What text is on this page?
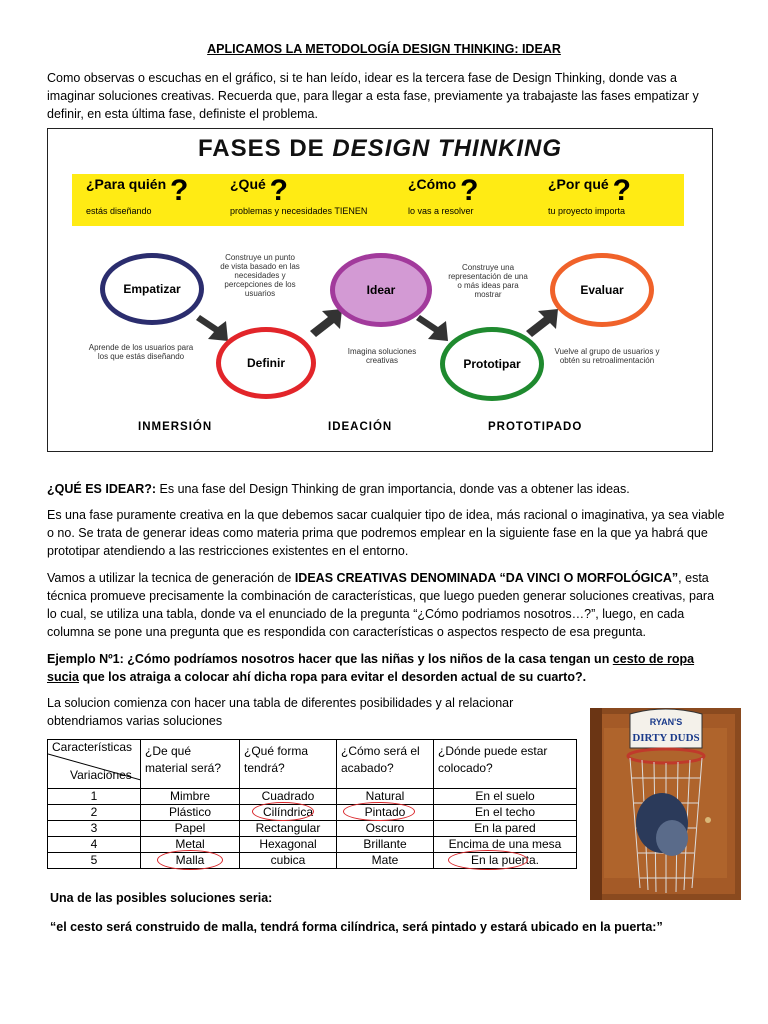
APLICAMOS LA METODOLOGÍA DESIGN THINKING: IDEAR
Como observas o escuchas en el gráfico, si te han leído, idear es la tercera fase de Design Thinking, donde vas a imaginar soluciones creativas. Recuerda que, para llegar a esta fase, previamente ya trabajaste las fases empatizar y definir, en esta última fase, definiste el problema.
FASES DE DESIGN THINKING
¿Para quién ?
estás diseñando
¿Qué ?
problemas y necesidades TIENEN
¿Cómo ?
lo vas a resolver
¿Por qué ?
tu proyecto importa
Empatizar
Definir
Idear
Prototipar
Evaluar
Aprende de los usuarios para los que estás diseñando
Construye un punto de vista basado en las necesidades y percepciones de los usuarios
Imagina soluciones creativas
Construye una representación de una o más ideas para mostrar
Vuelve al grupo de usuarios y obtén su retroalimentación
INMERSIÓN	IDEACIÓN	PROTOTIPADO
¿QUÉ ES IDEAR?: Es una fase del Design Thinking de gran importancia, donde vas a obtener las ideas.
Es una fase puramente creativa en la que debemos sacar cualquier tipo de idea, más racional o imaginativa, ya sea viable o no. Se trata de generar ideas como materia prima que podremos emplear en la siguiente fase en la que ya habrá que prototipar atendiendo a las restricciones existentes en el entorno.
Vamos a utilizar la tecnica de generación de IDEAS CREATIVAS DENOMINADA “DA VINCI O MORFOLÓGICA”, esta técnica promueve precisamente la combinación de características, que luego pueden generar soluciones creativas, para lo cual, se utiliza una tabla, donde va el enunciado de la pregunta “¿Cómo podriamos nosotros…?”, luego, en cada columna se pone una pregunta que es respondida con características o aspectos respecto de esa pregunta.
Ejemplo Nº1: ¿Cómo podríamos nosotros hacer que las niñas y los niños de la casa tengan un cesto de ropa sucia que los atraiga a colocar ahí dicha ropa para evitar el desorden actual de su cuarto?.
La solucion comienza con hacer una tabla de diferentes posibilidades y al relacionar obtendriamos varias soluciones
Características
Variaciones	¿De qué material será?	¿Qué forma tendrá?	¿Cómo será el acabado?	¿Dónde puede estar colocado?
1	Mimbre	Cuadrado	Natural	En el suelo
2	Plástico	Cilíndrica	Pintado	En el techo
3	Papel	Rectangular	Oscuro	En la pared
4	Metal	Hexagonal	Brillante	Encima de una mesa
5	Malla	cubica	Mate	En la puerta.
RYAN'S
DIRTY DUDS
Una de las posibles soluciones seria:
“el cesto será construido de malla, tendrá forma cilíndrica, será pintado y estará ubicado en la puerta:”
